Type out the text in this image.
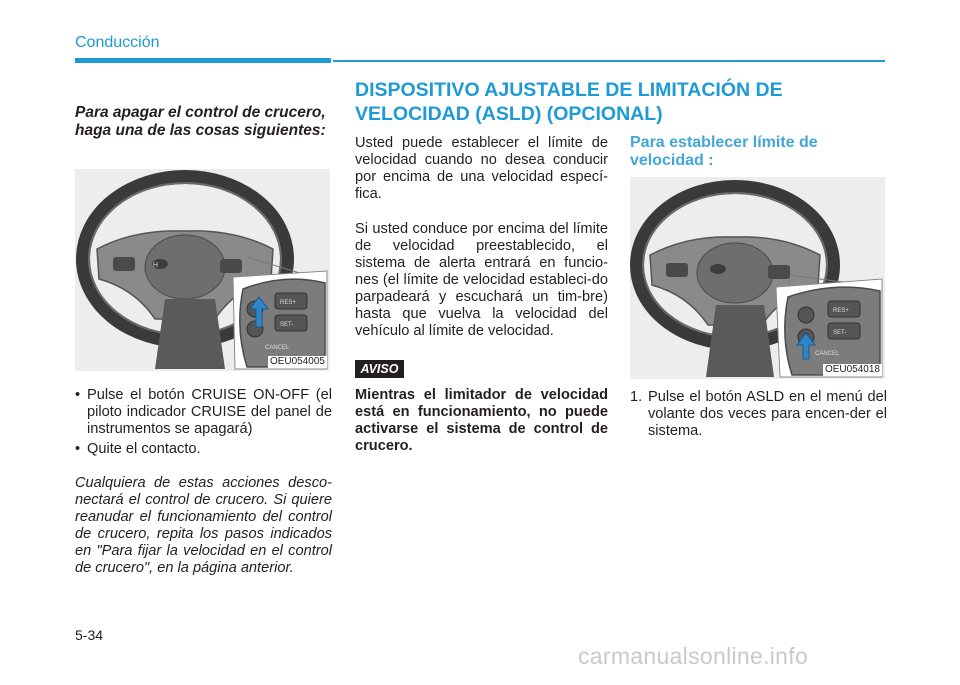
Conducción
Para apagar el control de crucero, haga una de las cosas siguientes:
H
RES+
SET-
CANCEL
OEU054005
• Pulse el botón CRUISE ON-OFF (el piloto indicador CRUISE del panel de instrumentos se apagará)
• Quite el contacto.
Cualquiera de estas acciones desco-nectará el control de crucero. Si quiere reanudar el funcionamiento del control de crucero, repita los pasos indicados en "Para fijar la velocidad en el control de crucero", en la página anterior.
DISPOSITIVO AJUSTABLE DE LIMITACIÓN DE VELOCIDAD (ASLD) (OPCIONAL)
Usted puede establecer el límite de velocidad cuando no desea conducir por encima de una velocidad especí-fica.
Si usted conduce por encima del límite de velocidad preestablecido, el sistema de alerta entrará en funcio-nes (el límite de velocidad estableci-do parpadeará y escuchará un tim-bre) hasta que vuelva la velocidad del vehículo al límite de velocidad.
AVISO
Mientras el limitador de velocidad está en funcionamiento, no puede activarse el sistema de control de crucero.
Para establecer límite de velocidad :
RES+
SET-
CANCEL
OEU054018
1. Pulse el botón ASLD en el menú del volante dos veces para encen-der el sistema.
5-34
carmanualsonline.info
